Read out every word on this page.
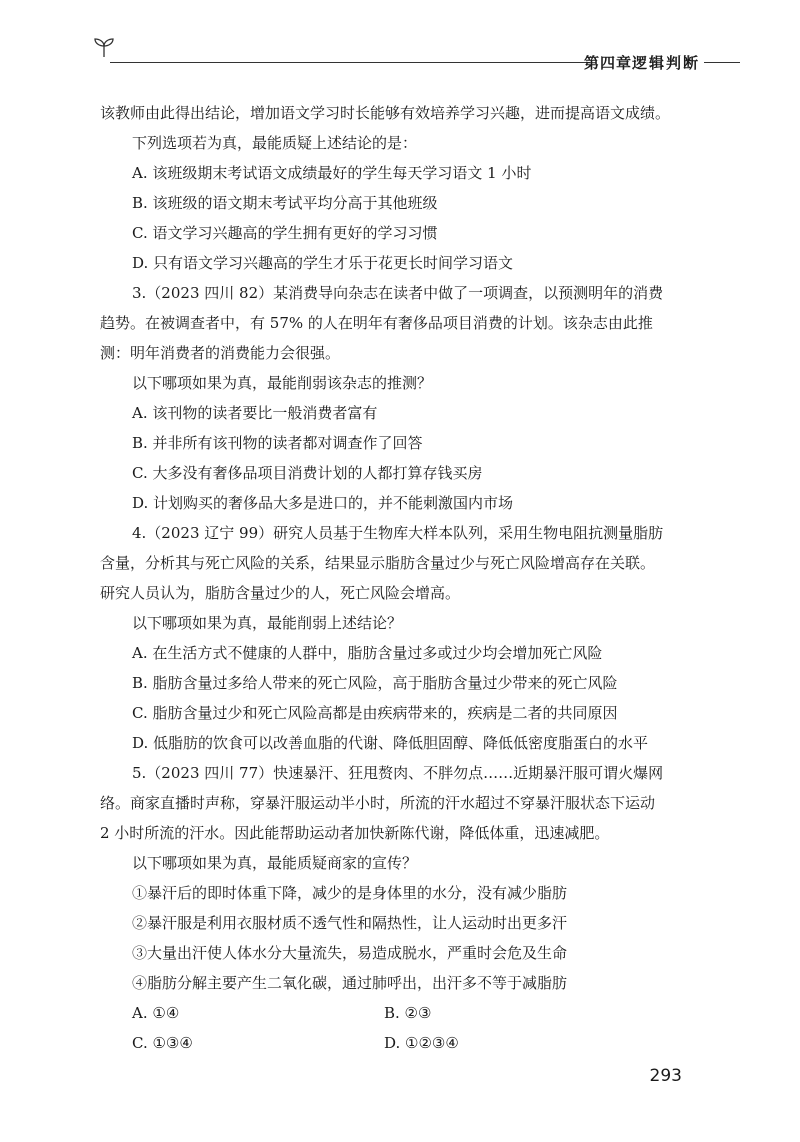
第四章 逻辑判断

该教师由此得出结论，增加语文学习时长能够有效培养学习兴趣，进而提高语文成绩。

下列选项若为真，最能质疑上述结论的是：

A. 该班级期末考试语文成绩最好的学生每天学习语文 1 小时

B. 该班级的语文期末考试平均分高于其他班级

C. 语文学习兴趣高的学生拥有更好的学习习惯

D. 只有语文学习兴趣高的学生才乐于花更长时间学习语文

3.（2023 四川 82）某消费导向杂志在读者中做了一项调查，以预测明年的消费

趋势。在被调查者中，有 57% 的人在明年有奢侈品项目消费的计划。该杂志由此推

测：明年消费者的消费能力会很强。

以下哪项如果为真，最能削弱该杂志的推测？

A. 该刊物的读者要比一般消费者富有

B. 并非所有该刊物的读者都对调查作了回答

C. 大多没有奢侈品项目消费计划的人都打算存钱买房

D. 计划购买的奢侈品大多是进口的，并不能刺激国内市场

4.（2023 辽宁 99）研究人员基于生物库大样本队列，采用生物电阻抗测量脂肪

含量，分析其与死亡风险的关系，结果显示脂肪含量过少与死亡风险增高存在关联。

研究人员认为，脂肪含量过少的人，死亡风险会增高。

以下哪项如果为真，最能削弱上述结论？

A. 在生活方式不健康的人群中，脂肪含量过多或过少均会增加死亡风险

B. 脂肪含量过多给人带来的死亡风险，高于脂肪含量过少带来的死亡风险

C. 脂肪含量过少和死亡风险高都是由疾病带来的，疾病是二者的共同原因

D. 低脂肪的饮食可以改善血脂的代谢、降低胆固醇、降低低密度脂蛋白的水平

5.（2023 四川 77）快速暴汗、狂甩赘肉、不胖勿点……近期暴汗服可谓火爆网

络。商家直播时声称，穿暴汗服运动半小时，所流的汗水超过不穿暴汗服状态下运动

2 小时所流的汗水。因此能帮助运动者加快新陈代谢，降低体重，迅速减肥。

以下哪项如果为真，最能质疑商家的宣传？

①暴汗后的即时体重下降，减少的是身体里的水分，没有减少脂肪

②暴汗服是利用衣服材质不透气性和隔热性，让人运动时出更多汗

③大量出汗使人体水分大量流失，易造成脱水，严重时会危及生命

④脂肪分解主要产生二氧化碳，通过肺呼出，出汗多不等于减脂肪

A. ①④	B. ②③
C. ①③④	D. ①②③④
293
